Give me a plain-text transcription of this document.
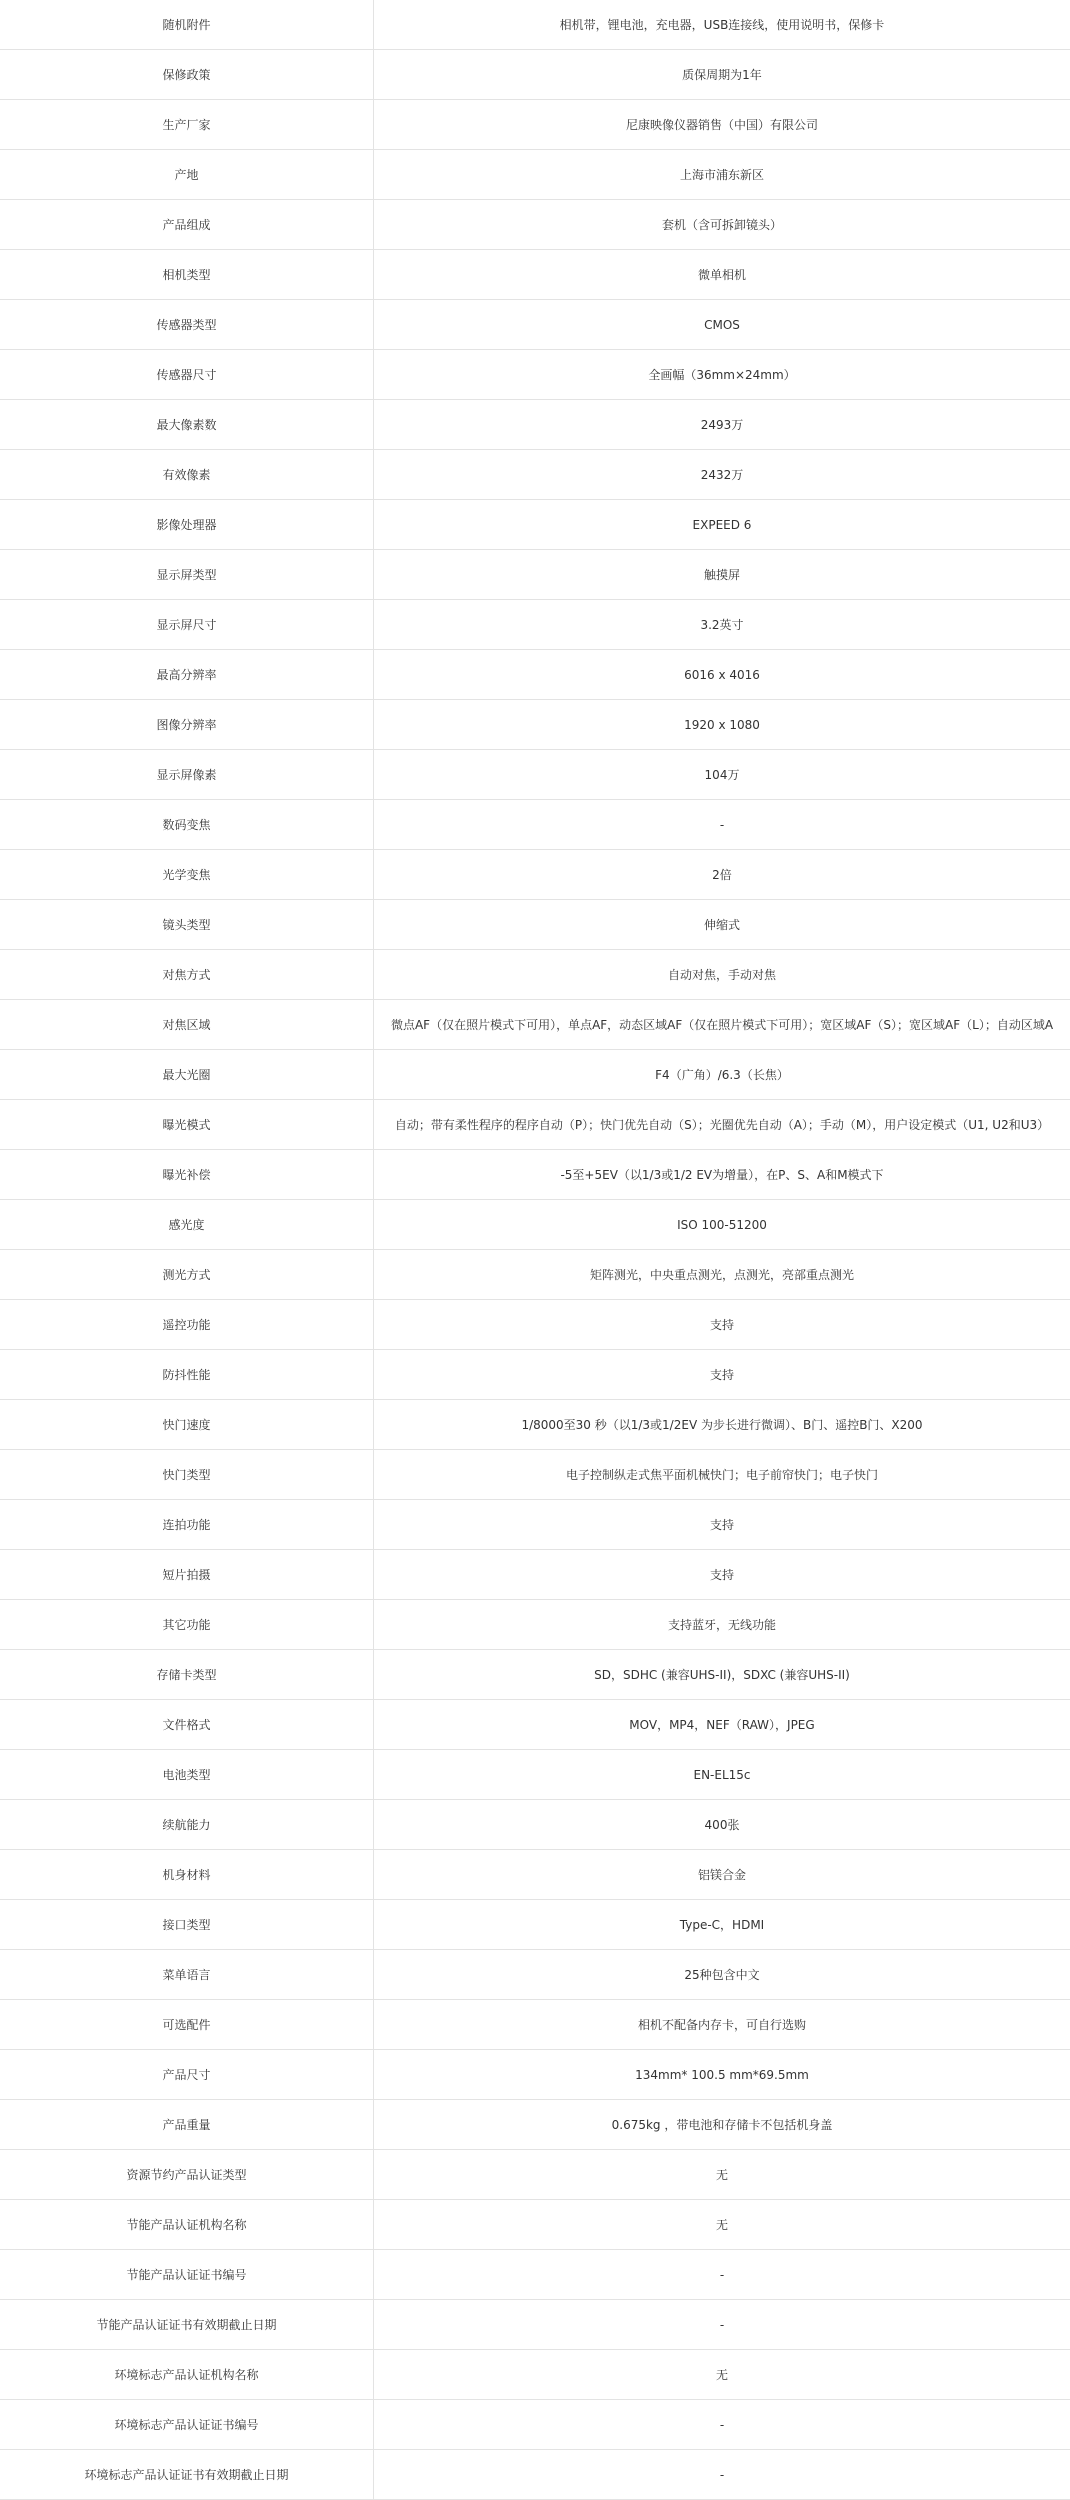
随机附件	相机带，锂电池，充电器，USB连接线，使用说明书，保修卡
保修政策	质保周期为1年
生产厂家	尼康映像仪器销售（中国）有限公司
产地	上海市浦东新区
产品组成	套机（含可拆卸镜头）
相机类型	微单相机
传感器类型	CMOS
传感器尺寸	全画幅（36mm×24mm）
最大像素数	2493万
有效像素	2432万
影像处理器	EXPEED 6
显示屏类型	触摸屏
显示屏尺寸	3.2英寸
最高分辨率	6016 x 4016
图像分辨率	1920 x 1080
显示屏像素	104万
数码变焦	-
光学变焦	2倍
镜头类型	伸缩式
对焦方式	自动对焦，手动对焦
对焦区域	微点AF（仅在照片模式下可用），单点AF，动态区域AF（仅在照片模式下可用）；宽区域AF（S）；宽区域AF（L）；自动区域A
最大光圈	F4（广角）/6.3（长焦）
曝光模式	自动；带有柔性程序的程序自动（P）；快门优先自动（S）；光圈优先自动（A）；手动（M），用户设定模式（U1, U2和U3）
曝光补偿	-5至+5EV（以1/3或1/2 EV为增量），在P、S、A和M模式下
感光度	ISO 100-51200
测光方式	矩阵测光，中央重点测光，点测光，亮部重点测光
遥控功能	支持
防抖性能	支持
快门速度	1/8000至30 秒（以1/3或1/2EV 为步长进行微调）、B门、遥控B门、X200
快门类型	电子控制纵走式焦平面机械快门；电子前帘快门；电子快门
连拍功能	支持
短片拍摄	支持
其它功能	支持蓝牙，无线功能
存储卡类型	SD，SDHC (兼容UHS-II)，SDXC (兼容UHS-II)
文件格式	MOV，MP4，NEF（RAW），JPEG
电池类型	EN-EL15c
续航能力	400张
机身材料	铝镁合金
接口类型	Type-C，HDMI
菜单语言	25种包含中文
可选配件	相机不配备内存卡，可自行选购
产品尺寸	134mm* 100.5 mm*69.5mm
产品重量	0.675kg ，带电池和存储卡不包括机身盖
资源节约产品认证类型	无
节能产品认证机构名称	无
节能产品认证证书编号	-
节能产品认证证书有效期截止日期	-
环境标志产品认证机构名称	无
环境标志产品认证证书编号	-
环境标志产品认证证书有效期截止日期	-
